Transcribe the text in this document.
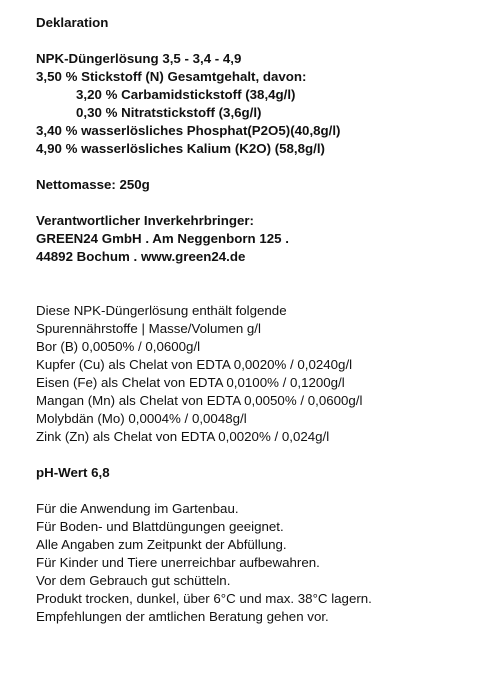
Deklaration
NPK-Düngerlösung 3,5 - 3,4 - 4,9
3,50 % Stickstoff (N) Gesamtgehalt, davon:
3,20 % Carbamidstickstoff (38,4g/l)
0,30 % Nitratstickstoff (3,6g/l)
3,40 % wasserlösliches Phosphat(P2O5)(40,8g/l)
4,90 % wasserlösliches Kalium (K2O) (58,8g/l)
Nettomasse: 250g
Verantwortlicher Inverkehrbringer:
GREEN24 GmbH . Am Neggenborn 125 .
44892 Bochum . www.green24.de
Diese NPK-Düngerlösung enthält folgende
Spurennährstoffe | Masse/Volumen g/l
Bor (B) 0,0050% / 0,0600g/l
Kupfer (Cu) als Chelat von EDTA 0,0020% / 0,0240g/l
Eisen (Fe) als Chelat von EDTA 0,0100% / 0,1200g/l
Mangan (Mn) als Chelat von EDTA 0,0050% / 0,0600g/l
Molybdän (Mo) 0,0004% / 0,0048g/l
Zink (Zn) als Chelat von EDTA 0,0020% / 0,024g/l
pH-Wert 6,8
Für die Anwendung im Gartenbau.
Für Boden- und Blattdüngungen geeignet.
Alle Angaben zum Zeitpunkt der Abfüllung.
Für Kinder und Tiere unerreichbar aufbewahren.
Vor dem Gebrauch gut schütteln.
Produkt trocken, dunkel, über 6°C und max. 38°C lagern.
Empfehlungen der amtlichen Beratung gehen vor.
